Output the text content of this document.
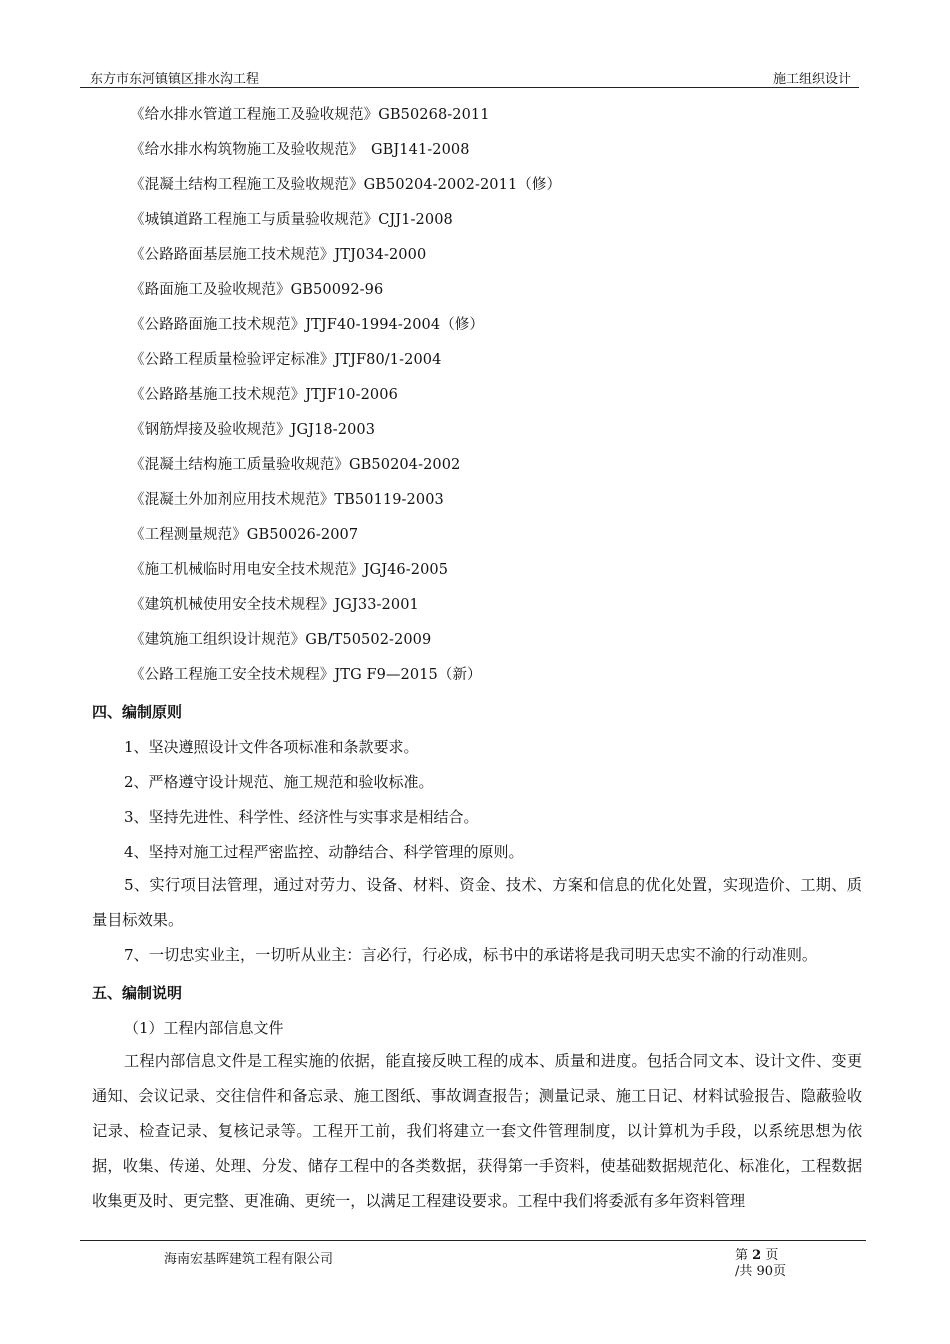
东方市东河镇镇区排水沟工程	施工组织设计
《给水排水管道工程施工及验收规范》GB50268-2011
《给水排水构筑物施工及验收规范》　GBJ141-2008
《混凝土结构工程施工及验收规范》GB50204-2002-2011（修）
《城镇道路工程施工与质量验收规范》CJJ1-2008
《公路路面基层施工技术规范》JTJ034-2000
《路面施工及验收规范》GB50092-96
《公路路面施工技术规范》JTJF40-1994-2004（修）
《公路工程质量检验评定标准》JTJF80/1-2004
《公路路基施工技术规范》JTJF10-2006
《钢筋焊接及验收规范》JGJ18-2003
《混凝土结构施工质量验收规范》GB50204-2002
《混凝土外加剂应用技术规范》TB50119-2003
《工程测量规范》GB50026-2007
《施工机械临时用电安全技术规范》JGJ46-2005
《建筑机械使用安全技术规程》JGJ33-2001
《建筑施工组织设计规范》GB/T50502-2009
《公路工程施工安全技术规程》JTG F9—2015（新）
四、编制原则
1、坚决遵照设计文件各项标准和条款要求。
2、严格遵守设计规范、施工规范和验收标准。
3、坚持先进性、科学性、经济性与实事求是相结合。
4、坚持对施工过程严密监控、动静结合、科学管理的原则。
5、实行项目法管理，通过对劳力、设备、材料、资金、技术、方案和信息的优化处置，实现造价、工期、质量目标效果。
7、一切忠实业主，一切听从业主：言必行，行必成，标书中的承诺将是我司明天忠实不渝的行动准则。
五、编制说明
（1）工程内部信息文件
工程内部信息文件是工程实施的依据，能直接反映工程的成本、质量和进度。包括合同文本、设计文件、变更通知、会议记录、交往信件和备忘录、施工图纸、事故调查报告；测量记录、施工日记、材料试验报告、隐蔽验收记录、检查记录、复核记录等。工程开工前，我们将建立一套文件管理制度，以计算机为手段，以系统思想为依据，收集、传递、处理、分发、储存工程中的各类数据，获得第一手资料，使基础数据规范化、标准化，工程数据收集更及时、更完整、更准确、更统一，以满足工程建设要求。工程中我们将委派有多年资料管理
海南宏基晖建筑工程有限公司	第 2 页
/共 90页
